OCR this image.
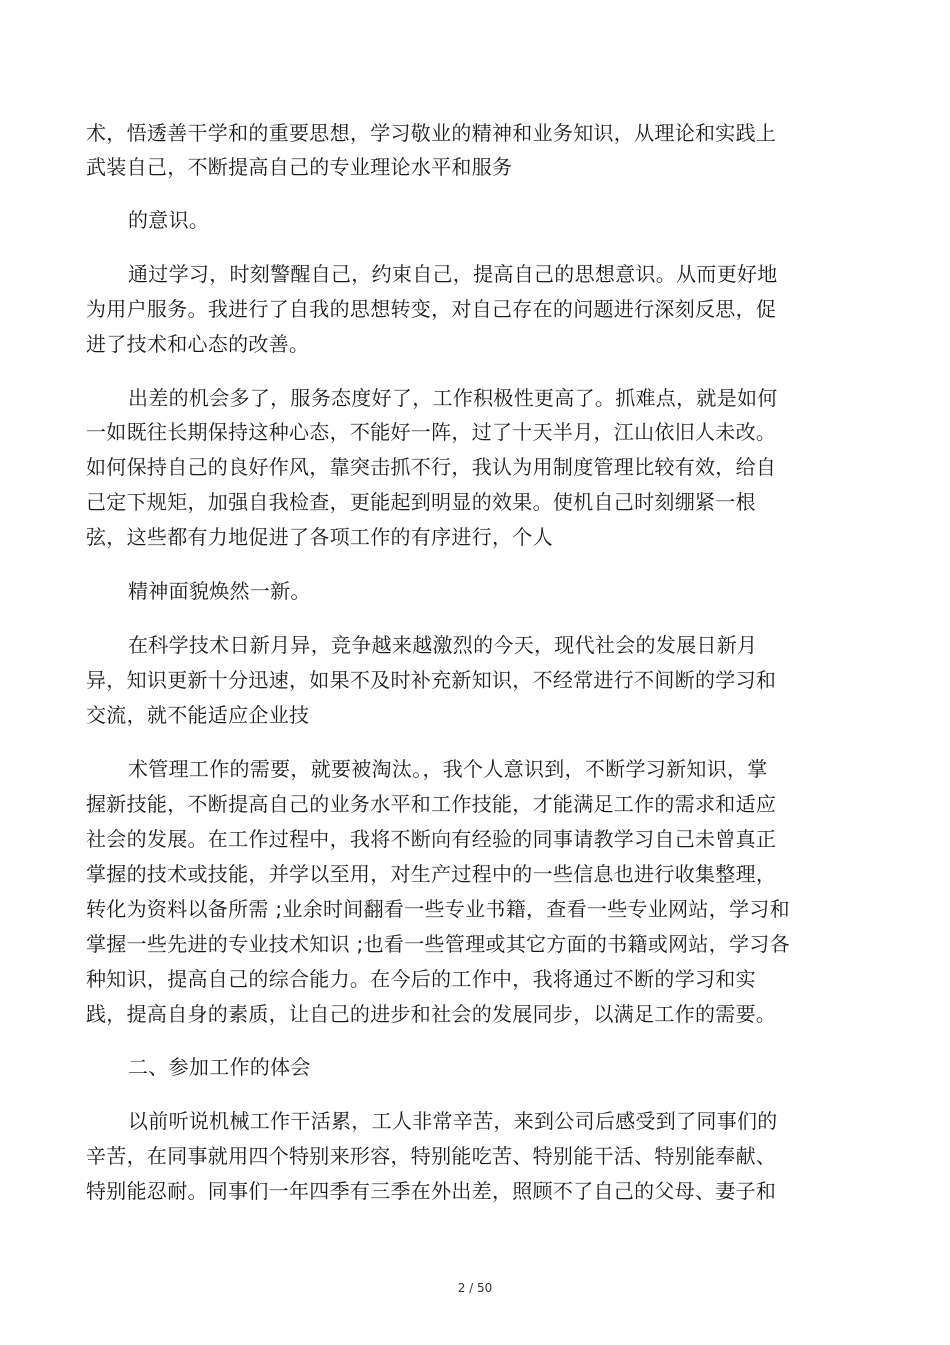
术，悟透善干学和的重要思想，学习敬业的精神和业务知识，从理论和实践上
武装自己，不断提高自己的专业理论水平和服务
的意识。
通过学习，时刻警醒自己，约束自己，提高自己的思想意识。从而更好地
为用户服务。我进行了自我的思想转变，对自己存在的问题进行深刻反思，促
进了技术和心态的改善。
出差的机会多了，服务态度好了，工作积极性更高了。抓难点，就是如何
一如既往长期保持这种心态，不能好一阵，过了十天半月，江山依旧人未改。
如何保持自己的良好作风，靠突击抓不行，我认为用制度管理比较有效，给自
己定下规矩，加强自我检查，更能起到明显的效果。使机自己时刻绷紧一根
弦，这些都有力地促进了各项工作的有序进行，个人
精神面貌焕然一新。
在科学技术日新月异，竞争越来越激烈的今天，现代社会的发展日新月
异，知识更新十分迅速，如果不及时补充新知识，不经常进行不间断的学习和
交流，就不能适应企业技
术管理工作的需要，就要被淘汰。，我个人意识到，不断学习新知识，掌
握新技能，不断提高自己的业务水平和工作技能，才能满足工作的需求和适应
社会的发展。在工作过程中，我将不断向有经验的同事请教学习自己未曾真正
掌握的技术或技能，并学以至用，对生产过程中的一些信息也进行收集整理，
转化为资料以备所需 ;业余时间翻看一些专业书籍，查看一些专业网站，学习和
掌握一些先进的专业技术知识 ;也看一些管理或其它方面的书籍或网站，学习各
种知识，提高自己的综合能力。在今后的工作中，我将通过不断的学习和实
践，提高自身的素质，让自己的进步和社会的发展同步，以满足工作的需要。
二、参加工作的体会
以前听说机械工作干活累，工人非常辛苦，来到公司后感受到了同事们的
辛苦，在同事就用四个特别来形容，特别能吃苦、特别能干活、特别能奉献、
特别能忍耐。同事们一年四季有三季在外出差，照顾不了自己的父母、妻子和
2 / 50
